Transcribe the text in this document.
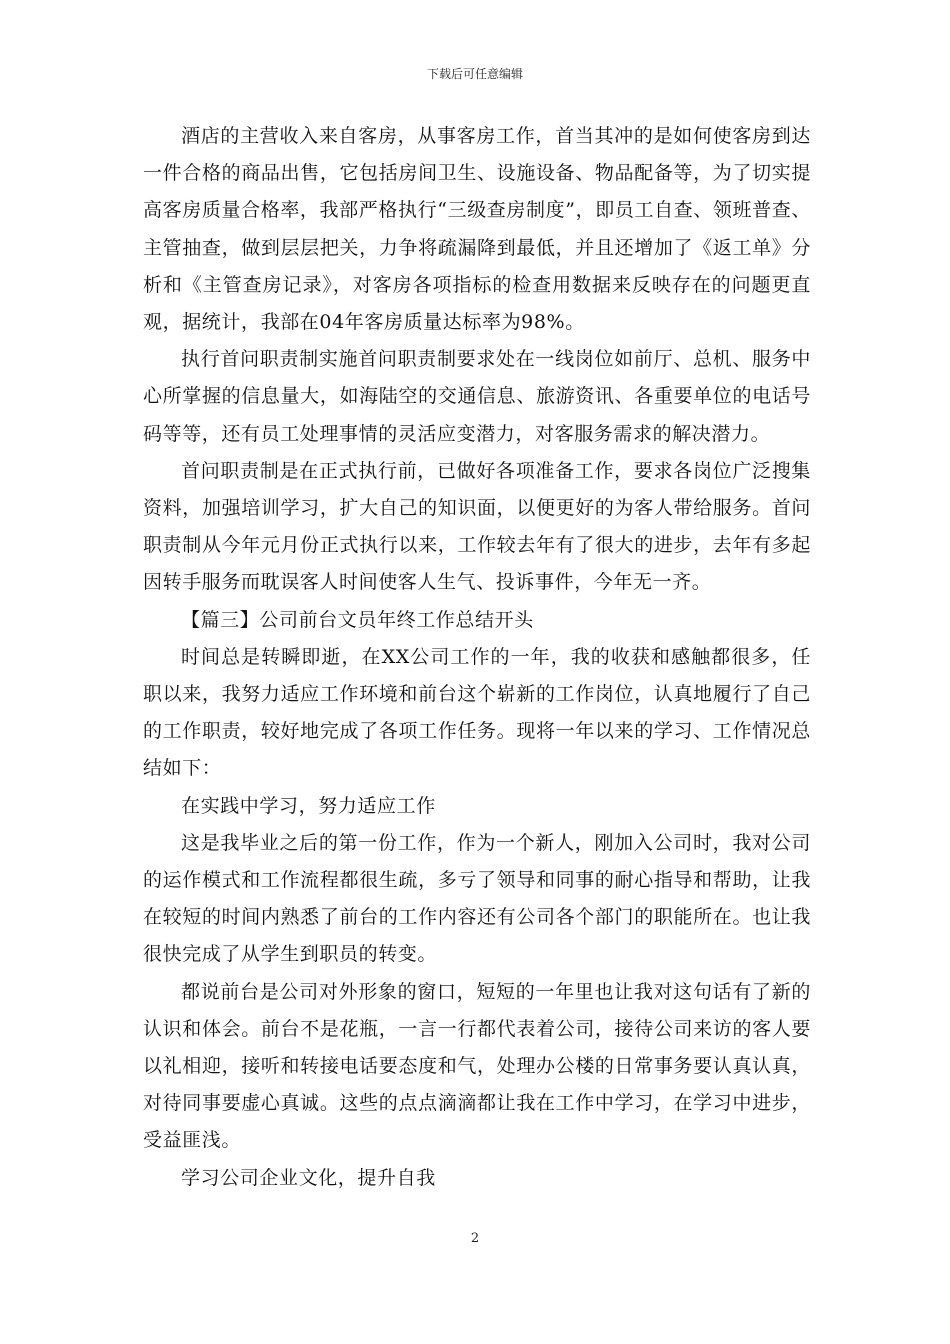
下载后可任意编辑

酒店的主营收入来自客房，从事客房工作，首当其冲的是如何使客房到达一件合格的商品出售，它包括房间卫生、设施设备、物品配备等，为了切实提高客房质量合格率，我部严格执行“三级查房制度”，即员工自查、领班普查、主管抽查，做到层层把关，力争将疏漏降到最低，并且还增加了《返工单》分析和《主管查房记录》，对客房各项指标的检查用数据来反映存在的问题更直观，据统计，我部在04年客房质量达标率为98%。

执行首问职责制实施首问职责制要求处在一线岗位如前厅、总机、服务中心所掌握的信息量大，如海陆空的交通信息、旅游资讯、各重要单位的电话号码等等，还有员工处理事情的灵活应变潜力，对客服务需求的解决潜力。

首问职责制是在正式执行前，已做好各项准备工作，要求各岗位广泛搜集资料，加强培训学习，扩大自己的知识面，以便更好的为客人带给服务。首问职责制从今年元月份正式执行以来，工作较去年有了很大的进步，去年有多起因转手服务而耽误客人时间使客人生气、投诉事件，今年无一齐。

【篇三】公司前台文员年终工作总结开头

时间总是转瞬即逝，在XX公司工作的一年，我的收获和感触都很多，任职以来，我努力适应工作环境和前台这个崭新的工作岗位，认真地履行了自己的工作职责，较好地完成了各项工作任务。现将一年以来的学习、工作情况总结如下：

在实践中学习，努力适应工作

这是我毕业之后的第一份工作，作为一个新人，刚加入公司时，我对公司的运作模式和工作流程都很生疏，多亏了领导和同事的耐心指导和帮助，让我在较短的时间内熟悉了前台的工作内容还有公司各个部门的职能所在。也让我很快完成了从学生到职员的转变。

都说前台是公司对外形象的窗口，短短的一年里也让我对这句话有了新的认识和体会。前台不是花瓶，一言一行都代表着公司，接待公司来访的客人要以礼相迎，接听和转接电话要态度和气，处理办公楼的日常事务要认真认真，对待同事要虚心真诚。这些的点点滴滴都让我在工作中学习，在学习中进步，受益匪浅。

学习公司企业文化，提升自我

2
